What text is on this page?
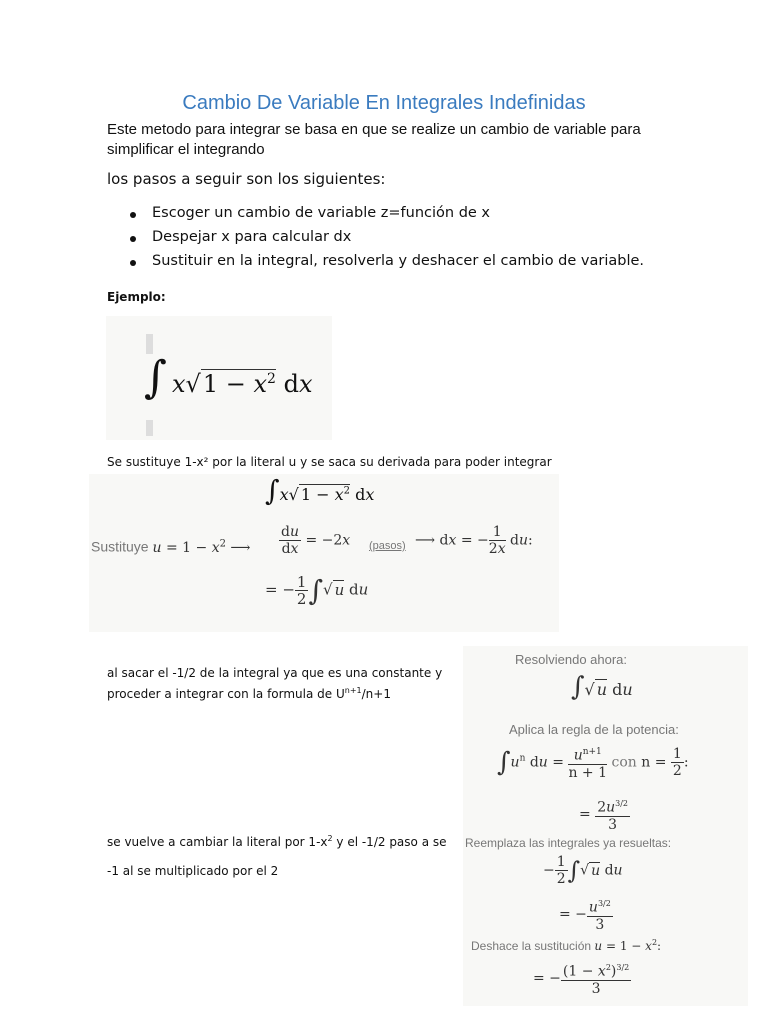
Cambio De Variable En Integrales Indefinidas
Este metodo para integrar se basa en que se realize un cambio de variable para simplificar el integrando
los pasos a seguir son los siguientes:
Escoger un cambio de variable z=función de x
Despejar x para calcular dx
Sustituir en la integral, resolverla y deshacer el cambio de variable.
Ejemplo:
∫ $x√1 - x^2$ dx
Se sustituye 1-x² por la literal u y se saca su derivada para poder integrar
∫x√ $1 - x^2$ dx
Sustituye $u = 1 - x^2$ ⟶ $\frac{du}{dx} = -2x$ (pasos) ⟶ dx = − $\frac{1}{2x}$ du:
= − $\frac{1}{2}$ ∫√ u du
al sacar el -1/2 de la integral ya que es una constante y
proceder a integrar con la formula de $U^{n+1}/n+1$
Resolviendo ahora:
∫√ u du
Aplica la regla de la potencia:
$\int u^n$ du = $\frac{u^{n+1}}{n + 1}$ con $n = \frac{1}{2}$ :
= $\frac{2u^{3/2}}{3}$
Reemplaza las integrales ya resueltas:
− $\frac{1}{2}$ ∫√ u du
= − $\frac{u^{3/2}}{3}$
Deshace la sustitución $u = 1 - x^2$:
= − $\frac{(1 - x^2)^{3/2}}{3}$
se vuelve a cambiar la literal por $1-x^2$ y el -1/2 paso a se
-1 al se multiplicado por el 2
